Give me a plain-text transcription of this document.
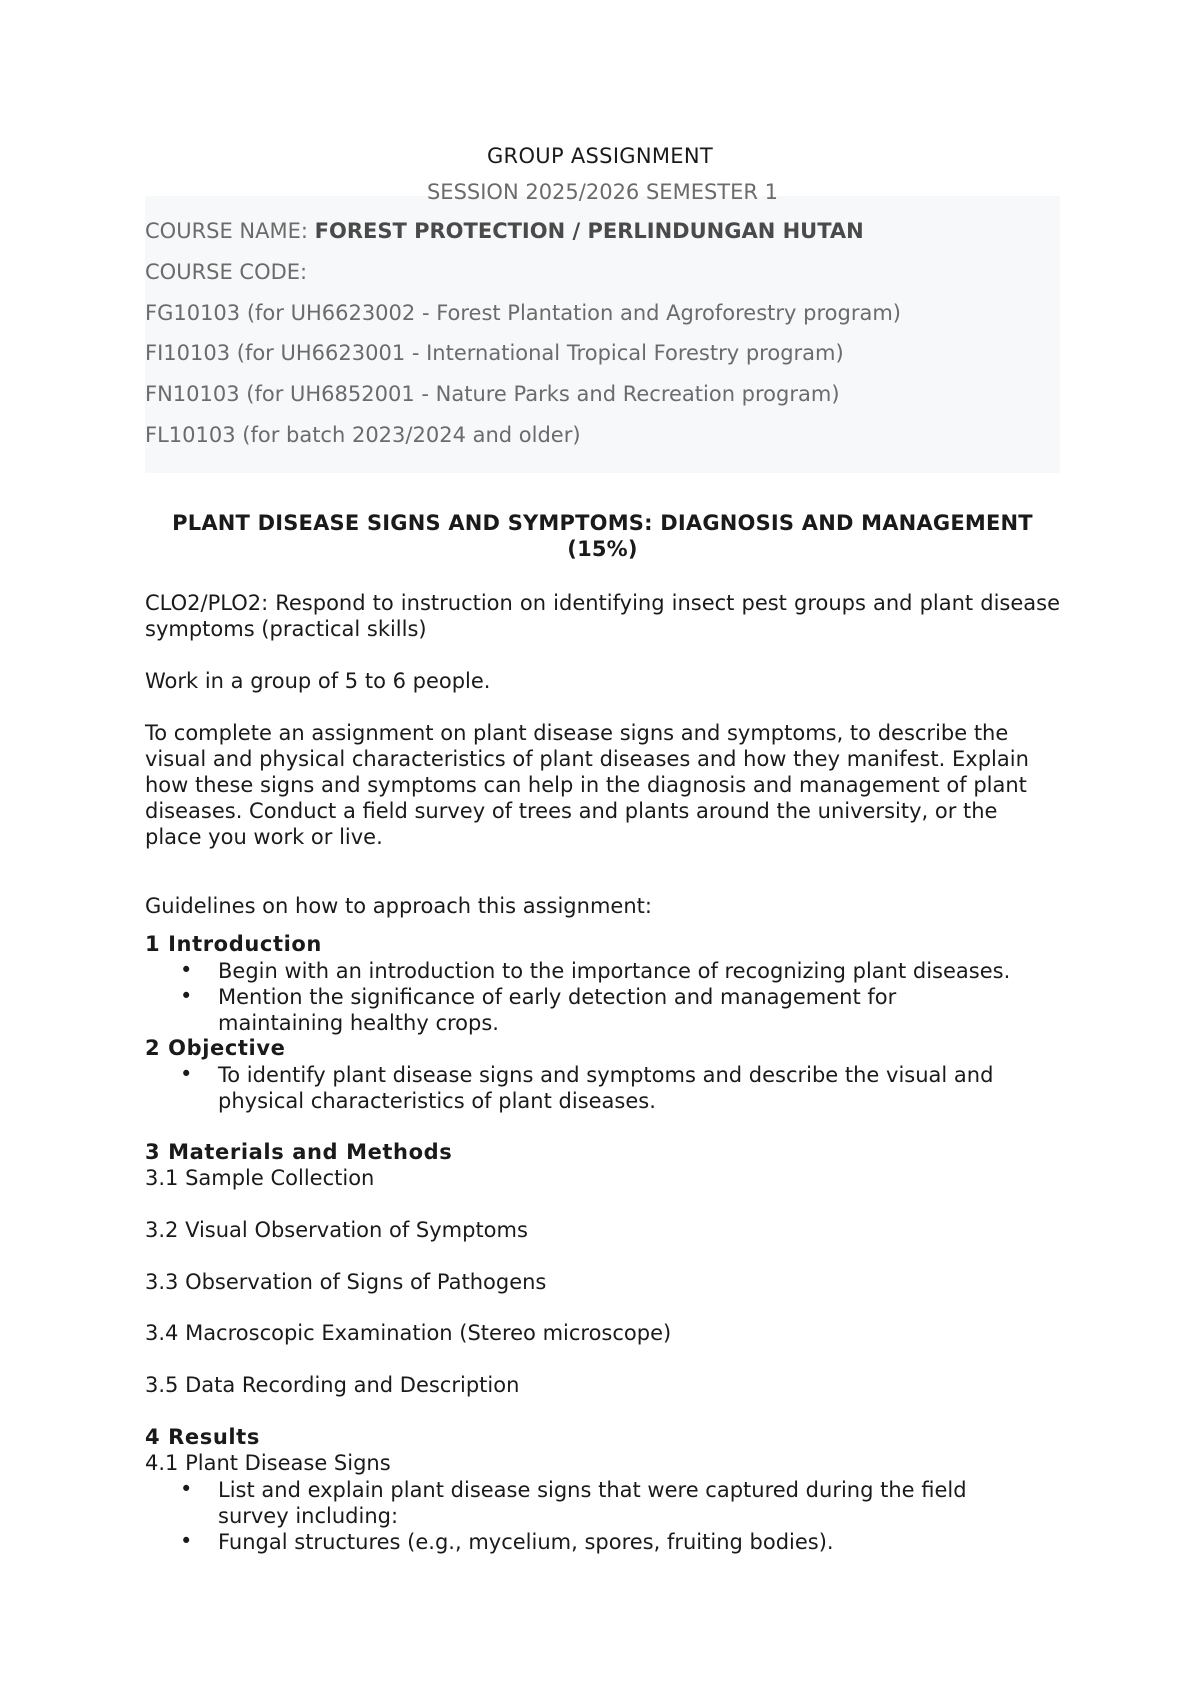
GROUP ASSIGNMENT
SESSION 2025/2026 SEMESTER 1
COURSE NAME: FOREST PROTECTION / PERLINDUNGAN HUTAN
COURSE CODE:
FG10103 (for UH6623002 - Forest Plantation and Agroforestry program)
FI10103 (for UH6623001 - International Tropical Forestry program)
FN10103 (for UH6852001 - Nature Parks and Recreation program)
FL10103 (for batch 2023/2024 and older)
PLANT DISEASE SIGNS AND SYMPTOMS: DIAGNOSIS AND MANAGEMENT (15%)
CLO2/PLO2: Respond to instruction on identifying insect pest groups and plant disease symptoms (practical skills)
Work in a group of 5 to 6 people.
To complete an assignment on plant disease signs and symptoms, to describe the visual and physical characteristics of plant diseases and how they manifest. Explain how these signs and symptoms can help in the diagnosis and management of plant diseases. Conduct a field survey of trees and plants around the university, or the place you work or live.
Guidelines on how to approach this assignment:
1 Introduction
• Begin with an introduction to the importance of recognizing plant diseases.
• Mention the significance of early detection and management for maintaining healthy crops.
2 Objective
• To identify plant disease signs and symptoms and describe the visual and physical characteristics of plant diseases.
3 Materials and Methods
3.1 Sample Collection
3.2 Visual Observation of Symptoms
3.3 Observation of Signs of Pathogens
3.4 Macroscopic Examination (Stereo microscope)
3.5 Data Recording and Description
4 Results
4.1 Plant Disease Signs
• List and explain plant disease signs that were captured during the field survey including:
• Fungal structures (e.g., mycelium, spores, fruiting bodies).
